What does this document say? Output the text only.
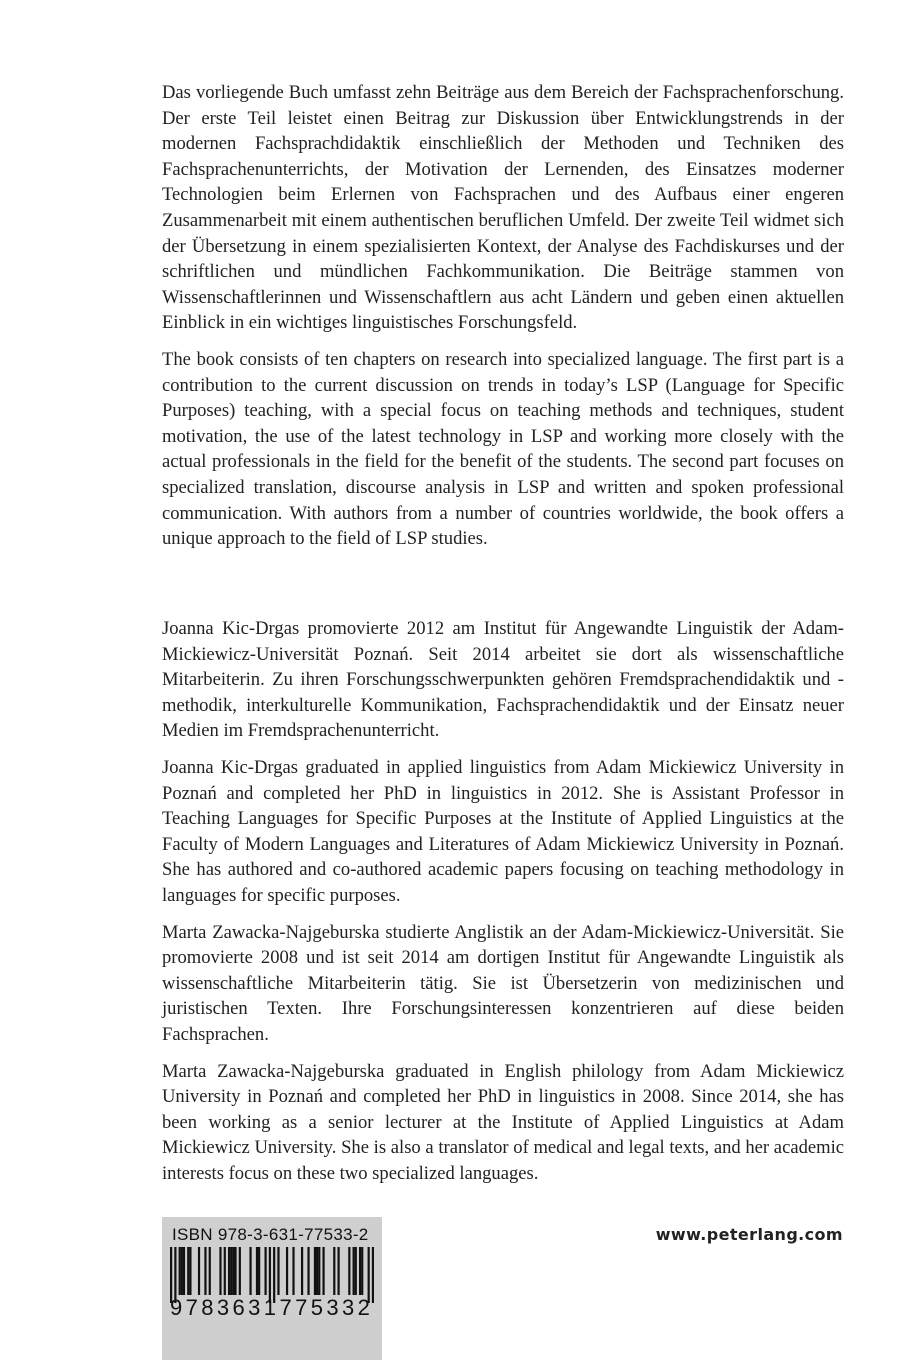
Das vorliegende Buch umfasst zehn Beiträge aus dem Bereich der Fachsprachenforschung. Der erste Teil leistet einen Beitrag zur Diskussion über Entwicklungstrends in der modernen Fachsprachdidaktik einschließlich der Methoden und Techniken des Fachsprachenunterrichts, der Motivation der Lernenden, des Einsatzes moderner Technologien beim Erlernen von Fachsprachen und des Aufbaus einer engeren Zusammenarbeit mit einem authentischen beruflichen Umfeld. Der zweite Teil widmet sich der Übersetzung in einem spezialisierten Kontext, der Analyse des Fachdiskurses und der schriftlichen und mündlichen Fachkommunikation. Die Beiträge stammen von Wissenschaftlerinnen und Wissenschaftlern aus acht Ländern und geben einen aktuellen Einblick in ein wichtiges linguistisches Forschungsfeld.

The book consists of ten chapters on research into specialized language. The first part is a contribution to the current discussion on trends in today’s LSP (Language for Specific Purposes) teaching, with a special focus on teaching methods and techniques, student motivation, the use of the latest technology in LSP and working more closely with the actual professionals in the field for the benefit of the students. The second part focuses on specialized translation, discourse analysis in LSP and written and spoken professional communication. With authors from a number of countries worldwide, the book offers a unique approach to the field of LSP studies.

Joanna Kic-Drgas promovierte 2012 am Institut für Angewandte Linguistik der Adam-Mickiewicz-Universität Poznań. Seit 2014 arbeitet sie dort als wissenschaftliche Mitarbeiterin. Zu ihren Forschungsschwerpunkten gehören Fremdsprachendidaktik und -methodik, interkulturelle Kommunikation, Fachsprachendidaktik und der Einsatz neuer Medien im Fremdsprachenunterricht.

Joanna Kic-Drgas graduated in applied linguistics from Adam Mickiewicz University in Poznań and completed her PhD in linguistics in 2012. She is Assistant Professor in Teaching Languages for Specific Purposes at the Institute of Applied Linguistics at the Faculty of Modern Languages and Literatures of Adam Mickiewicz University in Poznań. She has authored and co-authored academic papers focusing on teaching methodology in languages for specific purposes.

Marta Zawacka-Najgeburska studierte Anglistik an der Adam-Mickiewicz-Universität. Sie promovierte 2008 und ist seit 2014 am dortigen Institut für Angewandte Linguistik als wissenschaftliche Mitarbeiterin tätig. Sie ist Übersetzerin von medizinischen und juristischen Texten. Ihre Forschungsinteressen konzentrieren auf diese beiden Fachsprachen.

Marta Zawacka-Najgeburska graduated in English philology from Adam Mickiewicz University in Poznań and completed her PhD in linguistics in 2008. Since 2014, she has been working as a senior lecturer at the Institute of Applied Linguistics at Adam Mickiewicz University. She is also a translator of medical and legal texts, and her academic interests focus on these two specialized languages.

ISBN 978-3-631-77533-2
9783631775332
www.peterlang.com
